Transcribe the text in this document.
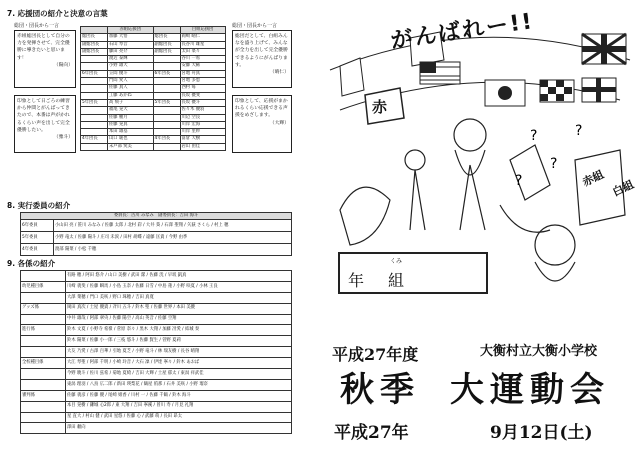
7. 応援団の紹介と決意の言葉
総団・団長から一言
赤組総団長として自分の力を発揮させて、完全優勝に導きたいと思います！
（陽向）
印象として日ごろの練習から仲間とがんばってきたので、本番は声がかれるくらい声を出して完全優勝したい。
（雅斗）
	赤組応援団		白組応援団
総団長	加藤 大悟	総団長	岡崎 晴仁
副総団長	石山 琴音	副総団長	長谷川 雄星
副総団長	藤田 亮介	副総団長	太田 菜々
	渡辺 泰輝		谷川 一希
	小野 雄大		安藤 大稀
6年団長	笠間 優斗	6年団長	宮地 舟真
	門間 愛人		宮地 多恵
	佐藤 真人		西村 毎
	工藤 あかね		長坂 優斐
5年団長	高 飛子	5年団長	長坂 優斗
	福尾 晃大		佐々木 優羽
	佐藤 柚月		川辺 空良
	佐藤 晃真		川岸 宏海
	本田 雄基		川岸 里紗
4年団長	山口 暖也	4年団長	富倉 大樹
	末戸部 愛美		岩山 由佳
総団・団長から一言
総団だとして、白組みんなを盛り上げて、みんなが全力を出して完全優勝できるようにがんばります。
（晴仁）
印象として、応援がまかれるくらい応援できる声援をめざします。
（大輝）
8. 実行委員の紹介
委員長：古川 みなみ　副委員長：吉田 海斗	
6年委員	小山田 亮 / 笹川 みなみ / 佐藤 太郎 / 北村 彩 / 大井 葵 / 石澤 聖翔 / 矢萩 さくら / 村上 穂
5年委員	小野 竜太 / 佐藤 陽斗 / 庄司 未涙 / 田村 胡蝶 / 遠藤 匡貴 / 今野 由季
4年委員	渡部 陽菜 / 小松 千穂
9. 各係の紹介
	有路 穂 / 阿田 悠介 / 山口 美樹 / 武田 潔 / 佐藤 洸 / 早坂 凱真
幼児種目係	川崎 義斐 / 佐藤 瞬馬 / 小島 玉奈 / 佐藤 日雪 / 中島 蓮 / 小野 咲夏 / 小林 王良
	大澤 菜穂 / 門口 美咲 / 野口 珠穂 / 吉田 真寛
グッズ係	岡田 真次 / 土屋 優貴 / 斉川 五斗 / 鈴木 聖 / 佐藤 世界 / 本田 美優
	中井 雄哉 / 阿部 翠央 / 佐藤 陽空 / 高山 英音 / 佐藤 空翔
進行係	鈴木 文夏 / 小野寺 希嶺 / 菅原 奈々 / 黒木 大翔 / 加藤 冴愛 / 結城 奏
	鈴木 陽菜 / 佐藤 小一郎 / 三枝 悠斗 / 佐藤 賢生 / 菅野 夏莉
	大友 乃愛 / 古澤 百華 / 引地 夏芝 / 小野 竜斗 / 林 瑞友樹 / 長谷 晴翔
全校種目係	大江 琴聖 / 阿部 千明 / 小崎 玲音 / 大石 凜 / 伊達 寧々 / 鈴木 あおば
	今野 暁斗 / 佐川 弦希 / 菊地 夏綺 / 吉田 大輝 / 土屋 郁太 / 東潟 祥武佳
	東潟 理羽 / 八鳥 広二郎 / 新田 瑛梨花 / 鶴屋 侑那 / 石井 美咲 / 小野 瑠奈
審判係	佐藤 義彦 / 佐藤 優 / 尾崎 姫香 / 川村 一 / 佐藤 千鶴 / 鈴木 海斗
	本目 晃樹 / 鎌城 心2郎 / 東 大翔 / 吉田 寧溪 / 曽川 寿 / 月見 礼翔
	星 直大 / 村山 健 / 武田 星悠 / 佐藤 心 / 武藤 萌 / 長田 昂太
	澤田 頼向
?	?
?
?
がんばれー!!
赤
赤組 白組
年
くみ
組
平成27年度	大衡村立大衡小学校
秋季 大運動会
平成27年	9月12日(土)
